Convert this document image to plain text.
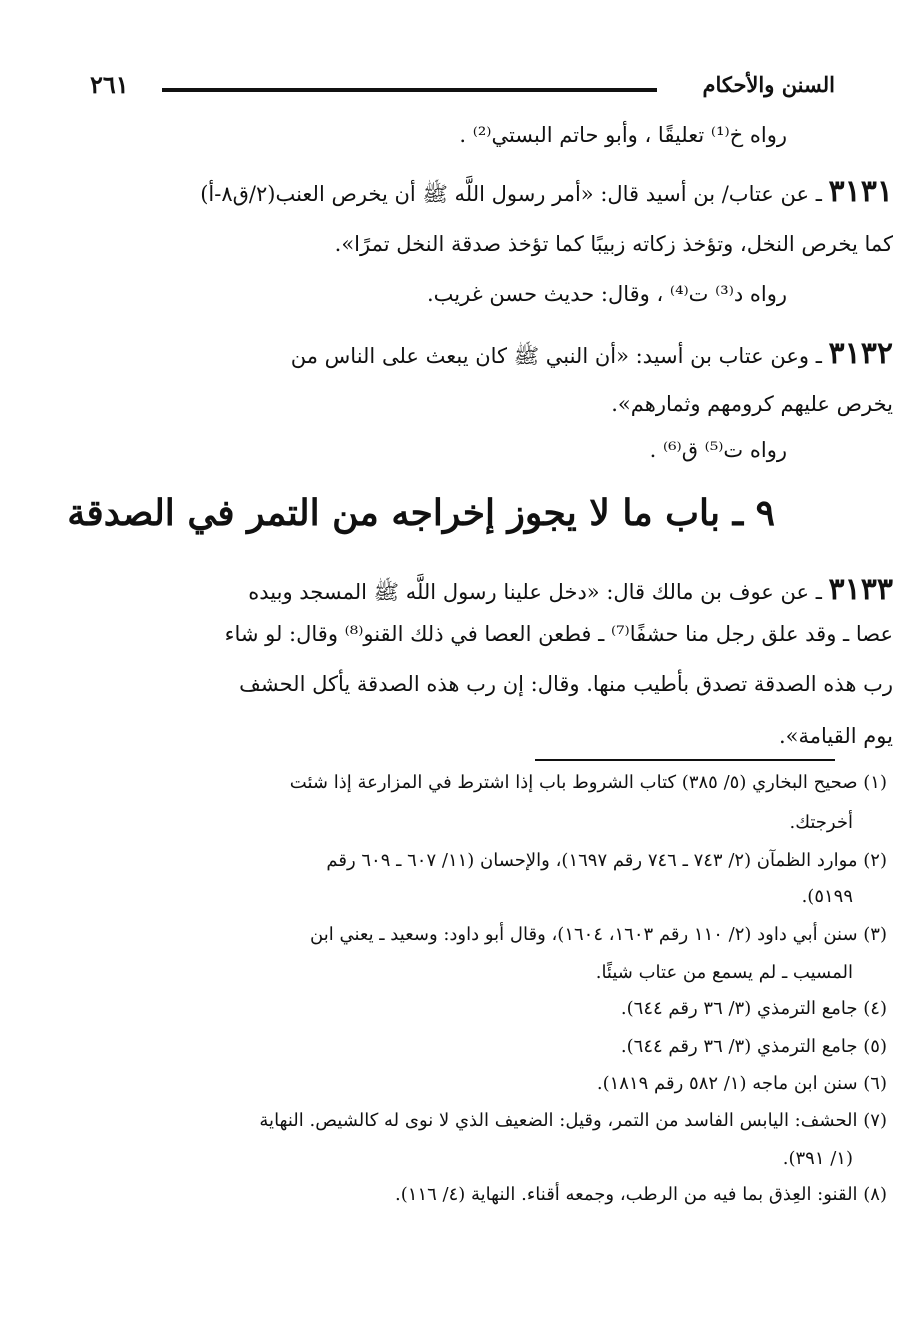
السنن والأحكام
٢٦١
رواه خ⁽¹⁾ تعليقًا ، وأبو حاتم البستي⁽²⁾ .
٣١٣١ ـ عن عتاب/ بن أسيد قال: «أمر رسول اللَّه ﷺ أن يخرص العنب(٢/ق٨-أ)
كما يخرص النخل، وتؤخذ زكاته زبيبًا كما تؤخذ صدقة النخل تمرًا».
رواه د⁽³⁾ ت⁽⁴⁾ ، وقال: حديث حسن غريب.
٣١٣٢ ـ وعن عتاب بن أسيد: «أن النبي ﷺ كان يبعث على الناس من
يخرص عليهم كرومهم وثمارهم».
رواه ت⁽⁵⁾ ق⁽⁶⁾ .
٩ ـ باب ما لا يجوز إخراجه من التمر في الصدقة
٣١٣٣ ـ عن عوف بن مالك قال: «دخل علينا رسول اللَّه ﷺ المسجد وبيده
عصا ـ وقد علق رجل منا حشفًا⁽⁷⁾ ـ فطعن العصا في ذلك القنو⁽⁸⁾ وقال: لو شاء
رب هذه الصدقة تصدق بأطيب منها. وقال: إن رب هذه الصدقة يأكل الحشف
يوم القيامة».
(١) صحيح البخاري (٥/ ٣٨٥) كتاب الشروط باب إذا اشترط في المزارعة إذا شئت
أخرجتك.
(٢) موارد الظمآن (٢/ ٧٤٣ ـ ٧٤٦ رقم ١٦٩٧)، والإحسان (١١/ ٦٠٧ ـ ٦٠٩ رقم
٥١٩٩).
(٣) سنن أبي داود (٢/ ١١٠ رقم ١٦٠٣، ١٦٠٤)، وقال أبو داود: وسعيد ـ يعني ابن
المسيب ـ لم يسمع من عتاب شيئًا.
(٤) جامع الترمذي (٣/ ٣٦ رقم ٦٤٤).
(٥) جامع الترمذي (٣/ ٣٦ رقم ٦٤٤).
(٦) سنن ابن ماجه (١/ ٥٨٢ رقم ١٨١٩).
(٧) الحشف: اليابس الفاسد من التمر، وقيل: الضعيف الذي لا نوى له كالشيص. النهاية
(١/ ٣٩١).
(٨) القنو: العِذق بما فيه من الرطب، وجمعه أقناء. النهاية (٤/ ١١٦).
